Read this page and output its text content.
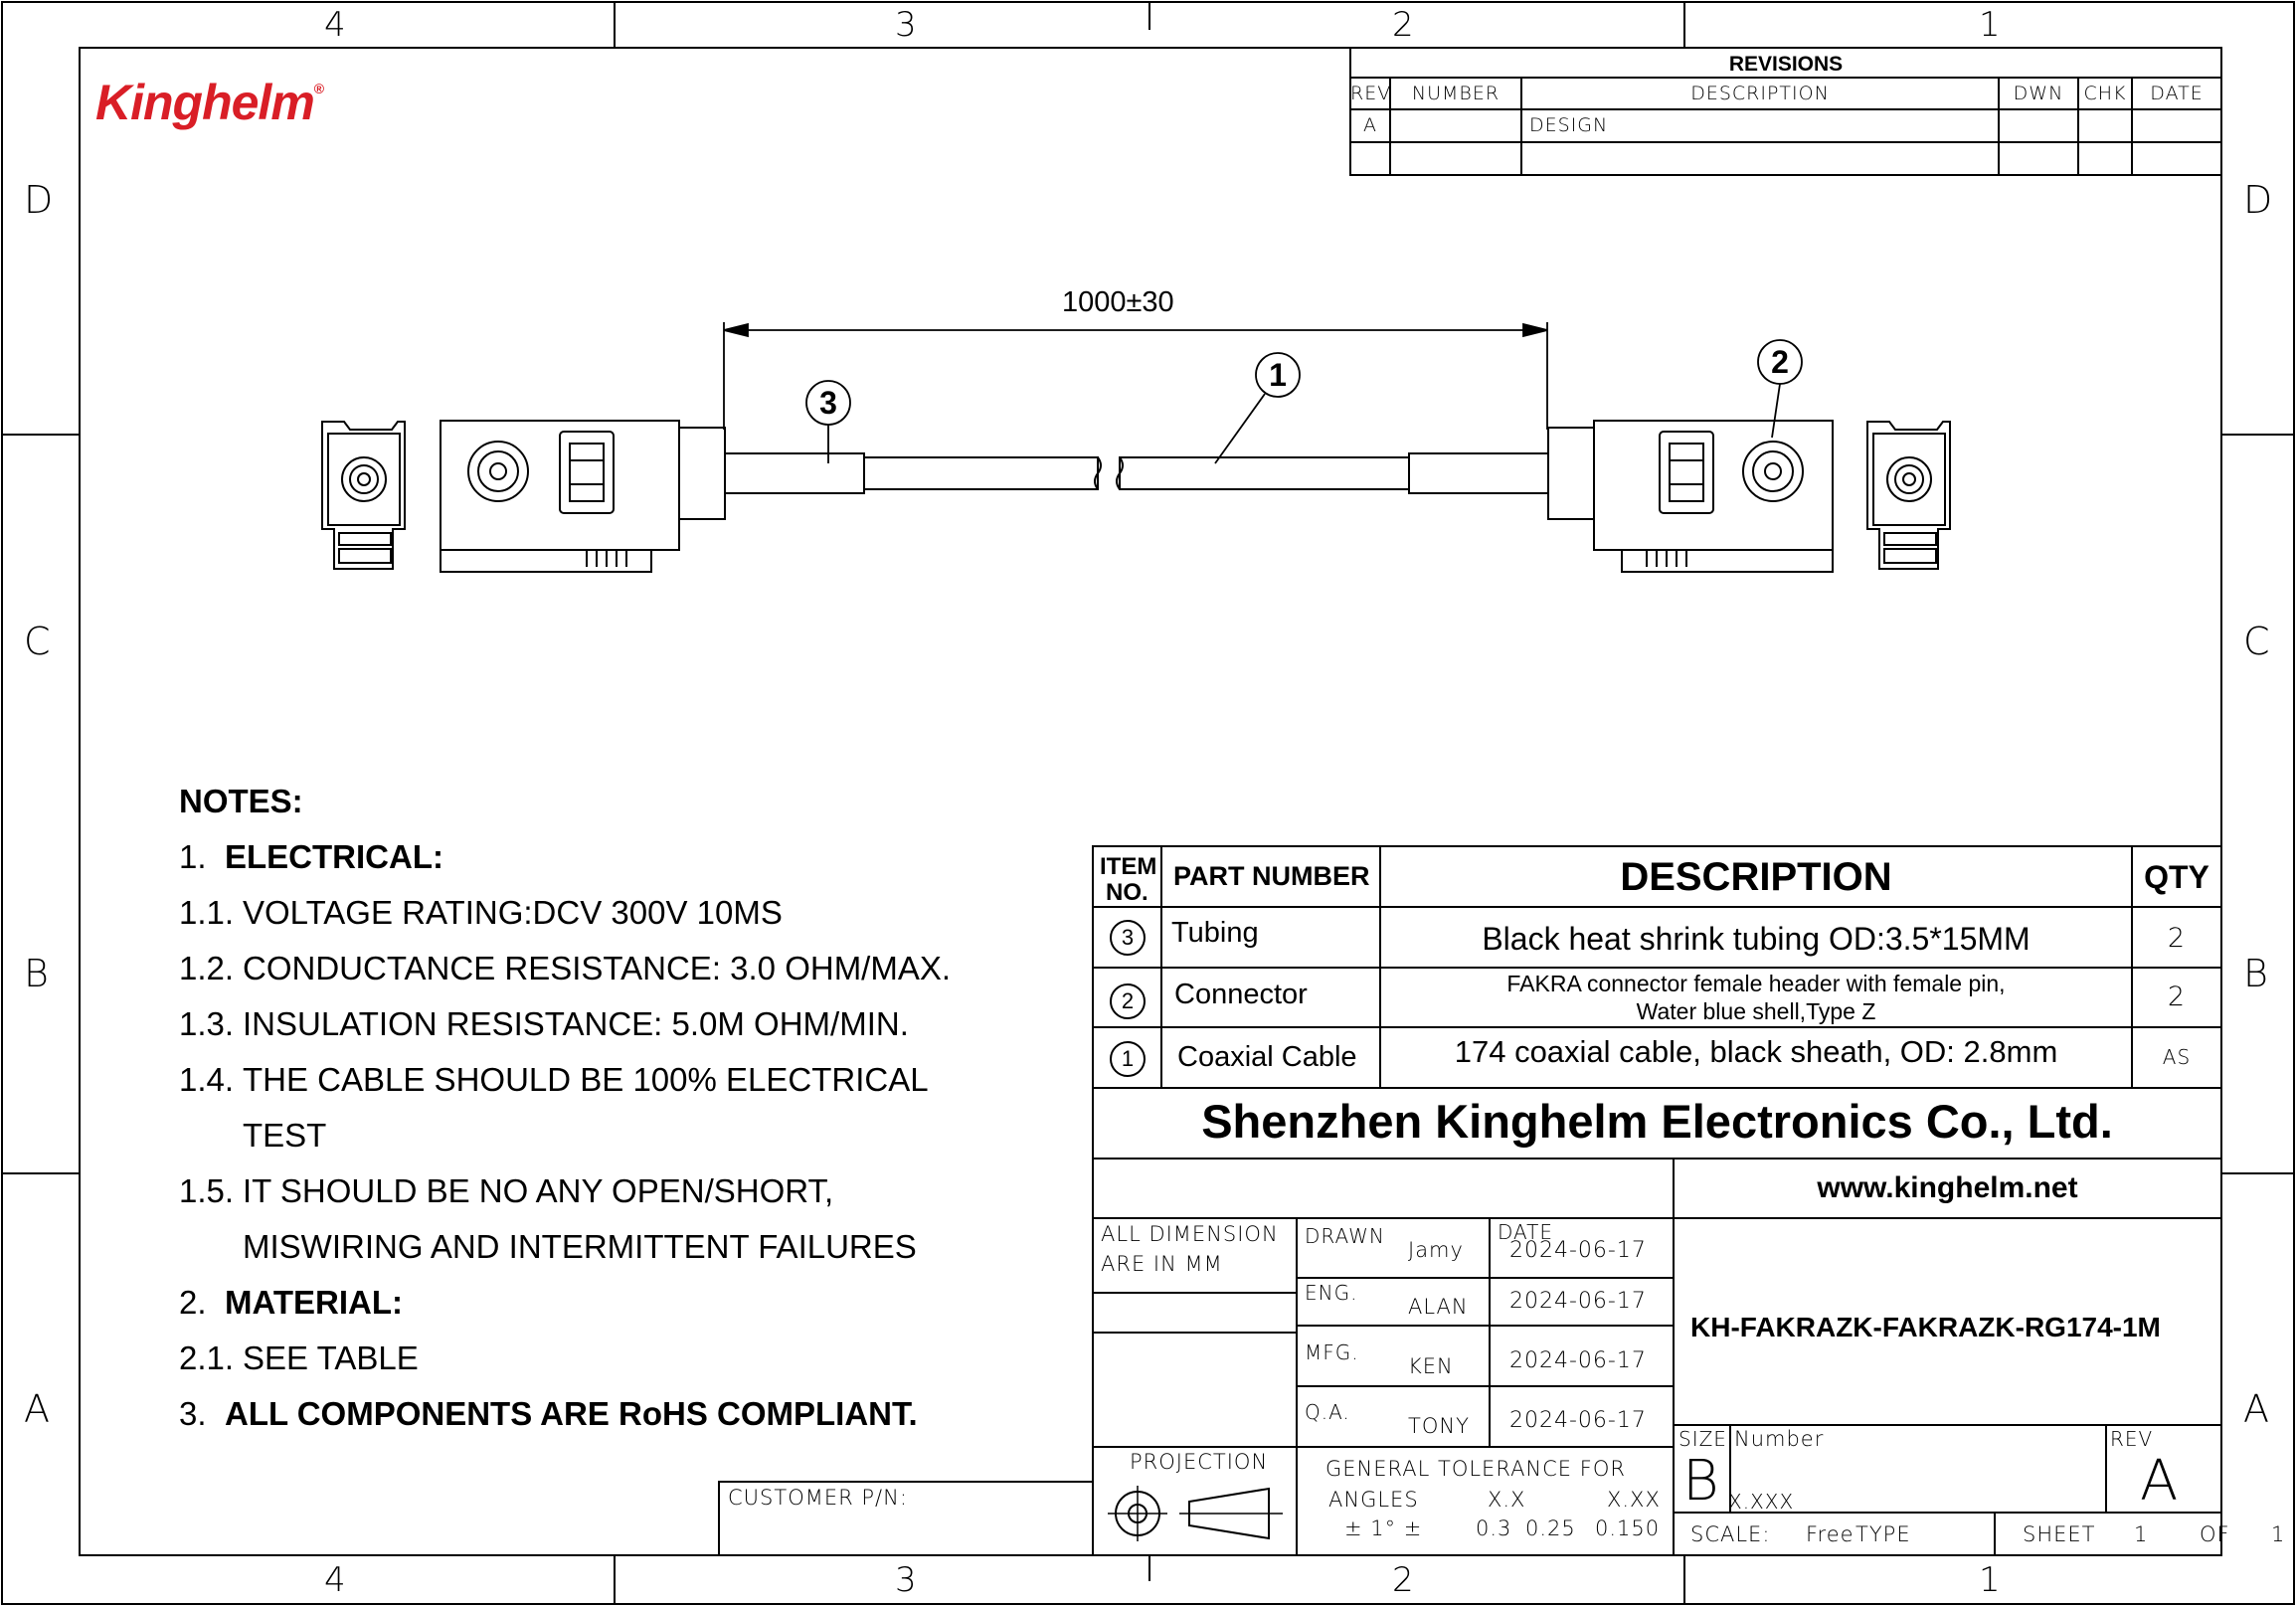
4	3	2	1
4	3	2	1
D
C
B
A
D
C
B
A
Kinghelm®
REVISIONS
REV	NUMBER	DESCRIPTION	DWN	CHK	DATE
A	DESIGN
1000±30
1	2
3
NOTES:
1. ELECTRICAL:
1.1. VOLTAGE RATING:DCV 300V 10MS
1.2. CONDUCTANCE RESISTANCE: 3.0 OHM/MAX.
1.3. INSULATION RESISTANCE: 5.0M OHM/MIN.
1.4. THE CABLE SHOULD BE 100% ELECTRICAL
TEST
1.5. IT SHOULD BE NO ANY OPEN/SHORT,
MISWIRING AND INTERMITTENT FAILURES
2. MATERIAL:
2.1. SEE TABLE
3. ALL COMPONENTS ARE RoHS COMPLIANT.
ITEM
NO.
PART NUMBER	DESCRIPTION	QTY
3	Tubing	Black heat shrink tubing OD:3.5*15MM	2
2	Connector	FAKRA connector female header with female pin,
Water blue shell,Type Z	2
1	Coaxial Cable	174 coaxial cable, black sheath, OD: 2.8mm	AS
Shenzhen Kinghelm Electronics Co., Ltd.
www.kinghelm.net
ALL DIMENSION
ARE IN MM
DATE
DRAWN
Jamy 2024-06-17
ENG.
ALAN 2024-06-17
MFG.
KEN	2024-06-17
Q.A.
TONY 2024-06-17
KH-FAKRAZK-FAKRAZK-RG174-1M
PROJECTION	GENERAL TOLERANCE FOR
ANGLES	X.X	X.XX
± 1° ±	0.3 0.25 0.150
X.XXX
SIZE
B
Number	REV
A
SCALE: Free TYPE	SHEET 1 OF 1
CUSTOMER P/N:
